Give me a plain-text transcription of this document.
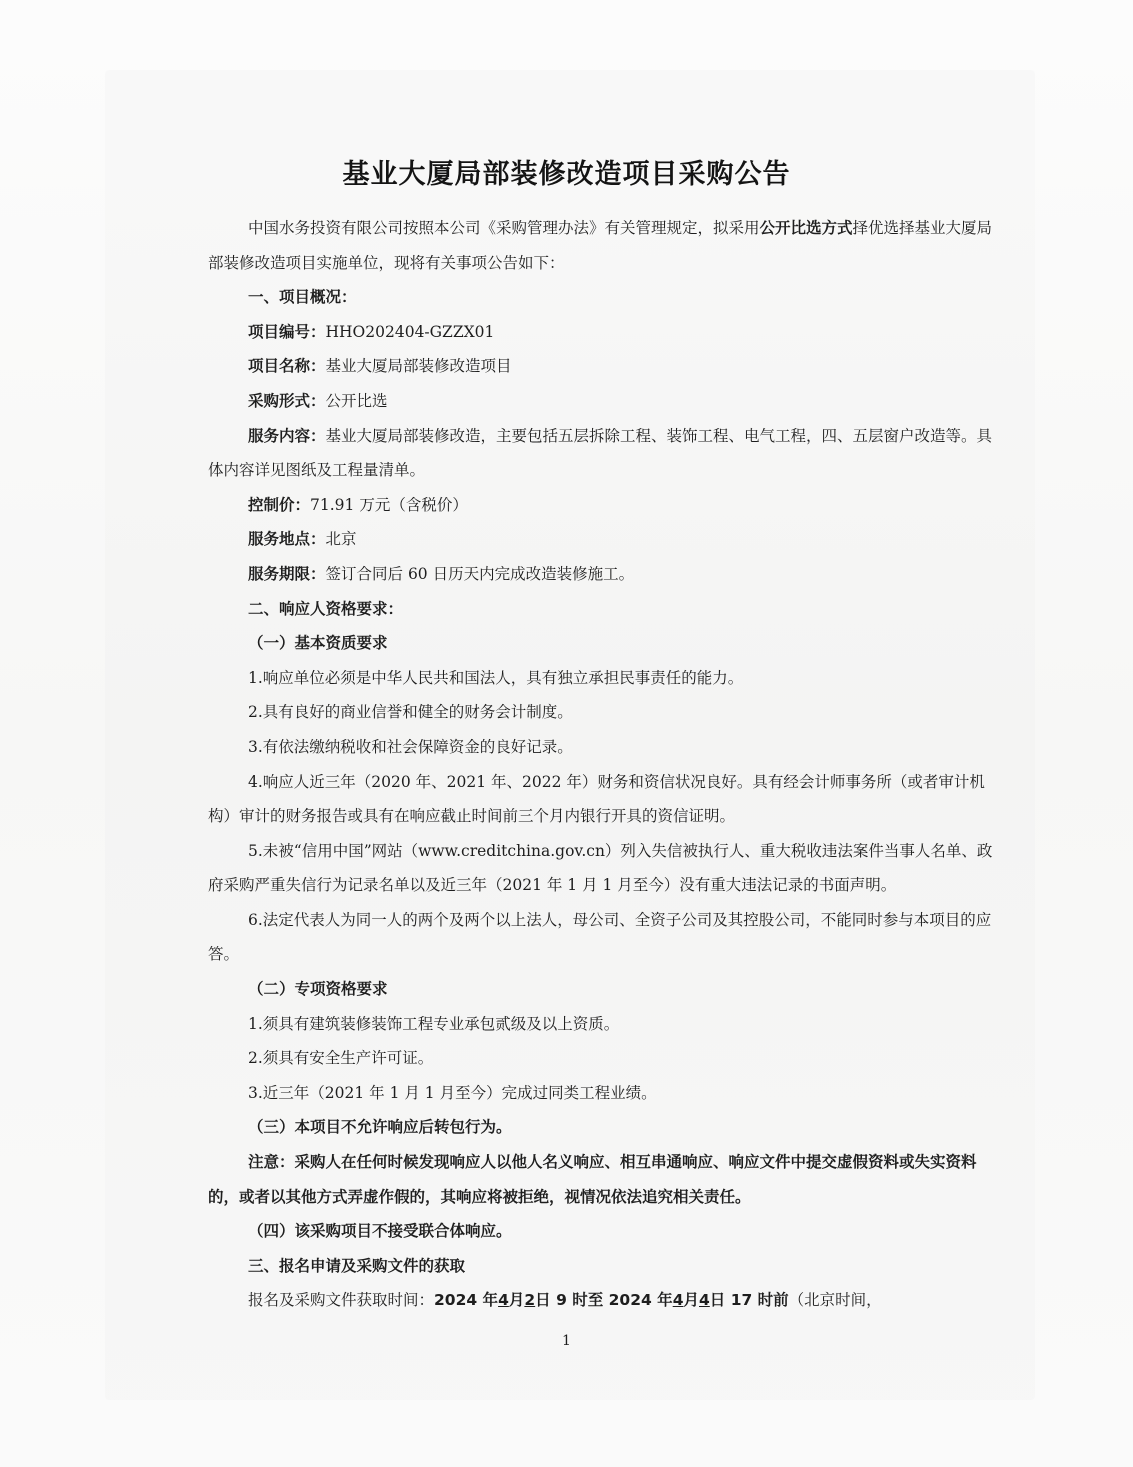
基业大厦局部装修改造项目采购公告

中国水务投资有限公司按照本公司《采购管理办法》有关管理规定，拟采用公开比选方式择优选择基业大厦局部装修改造项目实施单位，现将有关事项公告如下：

一、项目概况：

项目编号：HHO202404-GZZX01

项目名称：基业大厦局部装修改造项目

采购形式：公开比选

服务内容：基业大厦局部装修改造，主要包括五层拆除工程、装饰工程、电气工程，四、五层窗户改造等。具体内容详见图纸及工程量清单。

控制价：71.91 万元（含税价）

服务地点：北京

服务期限：签订合同后 60 日历天内完成改造装修施工。

二、响应人资格要求：

（一）基本资质要求

1.响应单位必须是中华人民共和国法人，具有独立承担民事责任的能力。

2.具有良好的商业信誉和健全的财务会计制度。

3.有依法缴纳税收和社会保障资金的良好记录。

4.响应人近三年（2020 年、2021 年、2022 年）财务和资信状况良好。具有经会计师事务所（或者审计机构）审计的财务报告或具有在响应截止时间前三个月内银行开具的资信证明。

5.未被“信用中国”网站（www.creditchina.gov.cn）列入失信被执行人、重大税收违法案件当事人名单、政府采购严重失信行为记录名单以及近三年（2021 年 1 月 1 月至今）没有重大违法记录的书面声明。

6.法定代表人为同一人的两个及两个以上法人，母公司、全资子公司及其控股公司，不能同时参与本项目的应答。

（二）专项资格要求

1.须具有建筑装修装饰工程专业承包贰级及以上资质。

2.须具有安全生产许可证。

3.近三年（2021 年 1 月 1 月至今）完成过同类工程业绩。

（三）本项目不允许响应后转包行为。

注意：采购人在任何时候发现响应人以他人名义响应、相互串通响应、响应文件中提交虚假资料或失实资料的，或者以其他方式弄虚作假的，其响应将被拒绝，视情况依法追究相关责任。

（四）该采购项目不接受联合体响应。

三、报名申请及采购文件的获取

报名及采购文件获取时间：2024 年4月2日 9 时至 2024 年4月4日 17 时前（北京时间，

1
